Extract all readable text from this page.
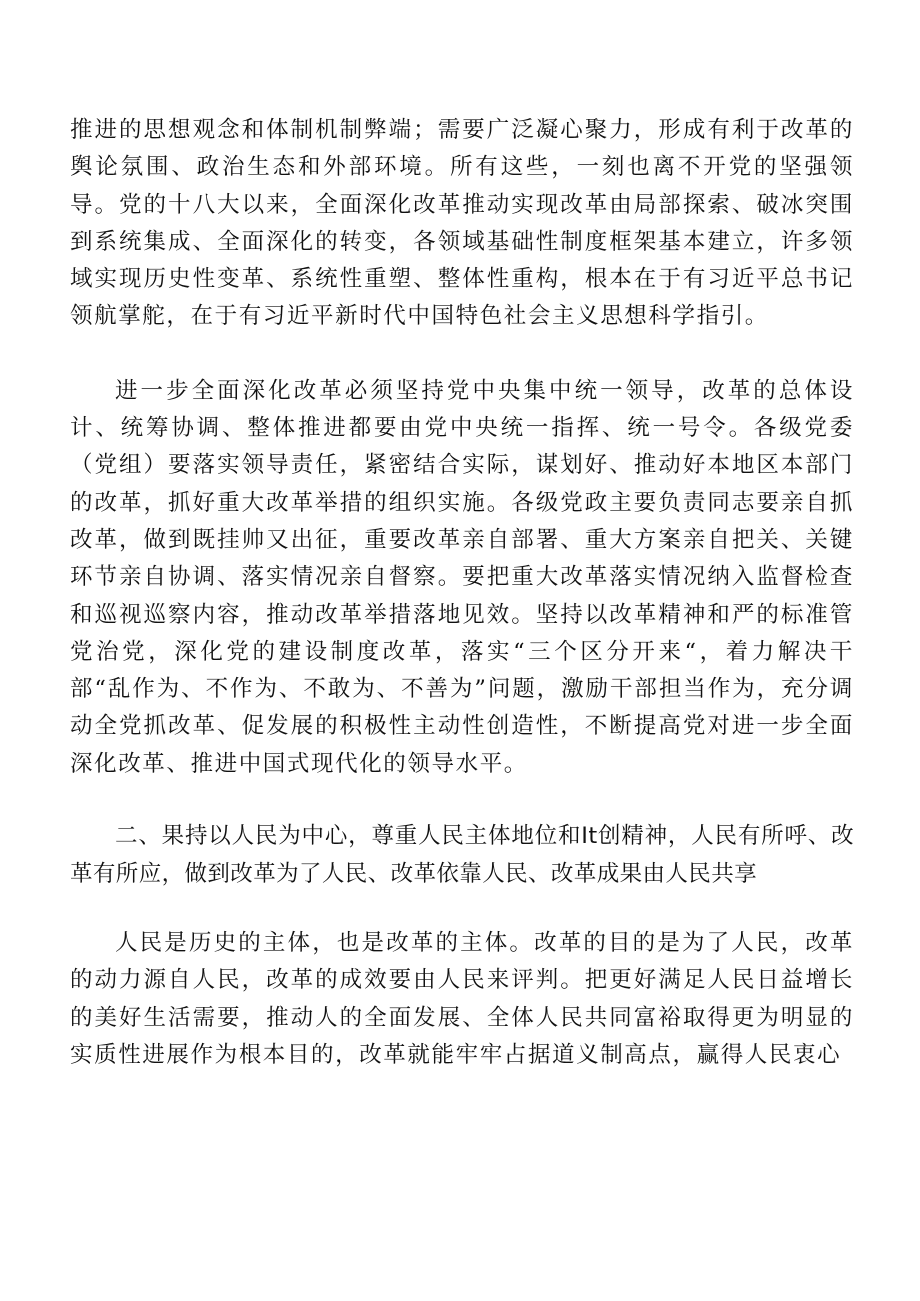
推进的思想观念和体制机制弊端；需要广泛凝心聚力，形成有利于改革的舆论氛围、政治生态和外部环境。所有这些，一刻也离不开党的坚强领导。党的十八大以来，全面深化改革推动实现改革由局部探索、破冰突围到系统集成、全面深化的转变，各领域基础性制度框架基本建立，许多领域实现历史性变革、系统性重塑、整体性重构，根本在于有习近平总书记领航掌舵，在于有习近平新时代中国特色社会主义思想科学指引。

进一步全面深化改革必须坚持党中央集中统一领导，改革的总体设计、统筹协调、整体推进都要由党中央统一指挥、统一号令。各级党委（党组）要落实领导责任，紧密结合实际，谋划好、推动好本地区本部门的改革，抓好重大改革举措的组织实施。各级党政主要负责同志要亲自抓改革，做到既挂帅又出征，重要改革亲自部署、重大方案亲自把关、关键环节亲自协调、落实情况亲自督察。要把重大改革落实情况纳入监督检查和巡视巡察内容，推动改革举措落地见效。坚持以改革精神和严的标准管党治党，深化党的建设制度改革，落实“三个区分开来“，着力解决干部“乱作为、不作为、不敢为、不善为”问题，激励干部担当作为，充分调动全党抓改革、促发展的积极性主动性创造性，不断提高党对进一步全面深化改革、推进中国式现代化的领导水平。

二、果持以人民为中心，尊重人民主体地位和It创精神，人民有所呼、改革有所应，做到改革为了人民、改革依靠人民、改革成果由人民共享

人民是历史的主体，也是改革的主体。改革的目的是为了人民，改革的动力源自人民，改革的成效要由人民来评判。把更好满足人民日益增长的美好生活需要，推动人的全面发展、全体人民共同富裕取得更为明显的实质性进展作为根本目的，改革就能牢牢占据道义制高点，赢得人民衷心
